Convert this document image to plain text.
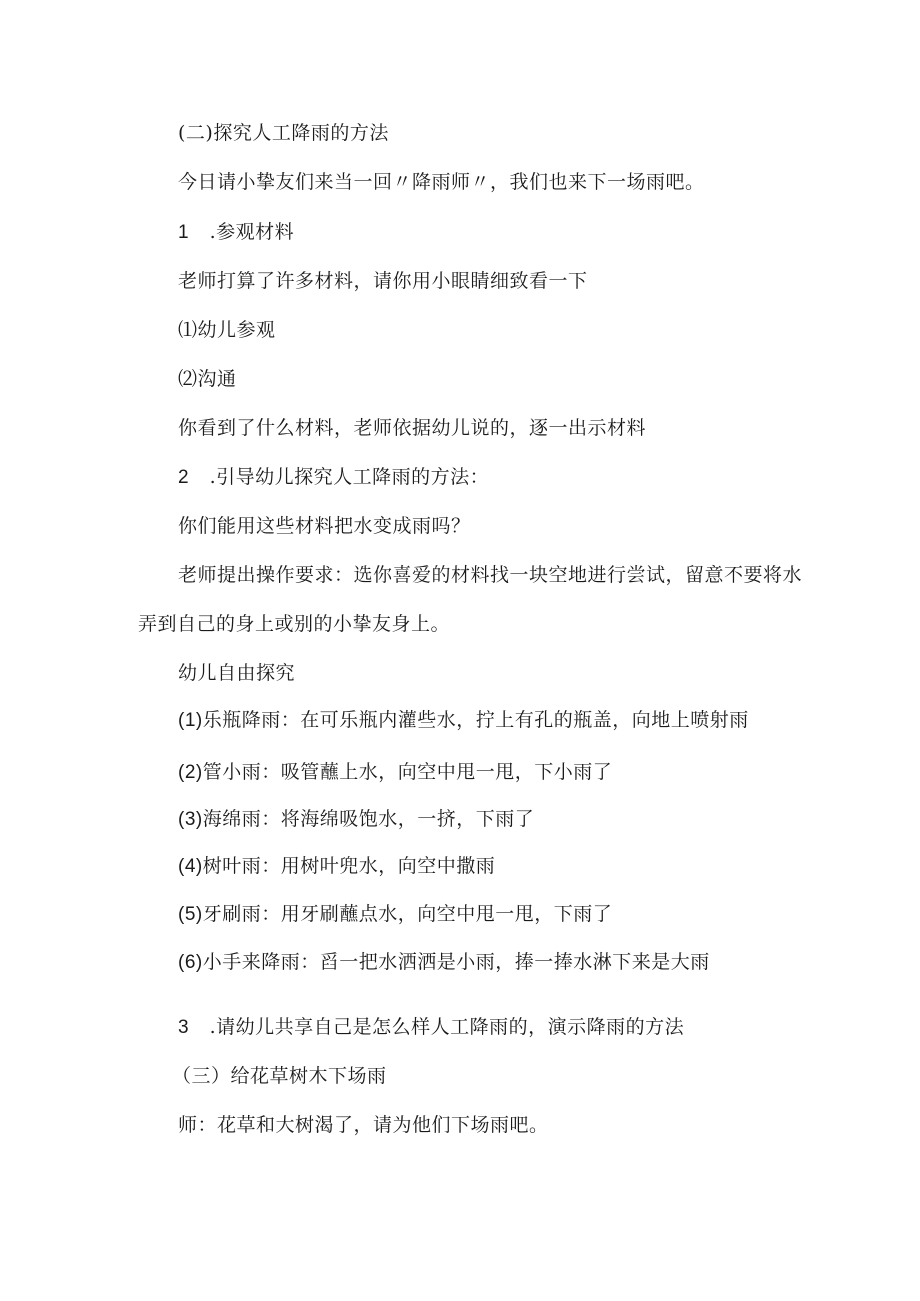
(二)探究人工降雨的方法
今日请小挚友们来当一回〃降雨师〃，我们也来下一场雨吧。
1 .参观材料
老师打算了许多材料，请你用小眼睛细致看一下
⑴幼儿参观
⑵沟通
你看到了什么材料，老师依据幼儿说的，逐一出示材料
2 .引导幼儿探究人工降雨的方法：
你们能用这些材料把水变成雨吗？
老师提出操作要求：选你喜爱的材料找一块空地进行尝试，留意不要将水
弄到自己的身上或别的小挚友身上。
幼儿自由探究
(1)乐瓶降雨：在可乐瓶内灌些水，拧上有孔的瓶盖，向地上喷射雨
(2)管小雨：吸管蘸上水，向空中甩一甩，下小雨了
(3)海绵雨：将海绵吸饱水，一挤，下雨了
(4)树叶雨：用树叶兜水，向空中撒雨
(5)牙刷雨：用牙刷蘸点水，向空中甩一甩，下雨了
(6)小手来降雨：舀一把水洒洒是小雨，捧一捧水淋下来是大雨
3 .请幼儿共享自己是怎么样人工降雨的，演示降雨的方法
（三）给花草树木下场雨
师：花草和大树渴了，请为他们下场雨吧。
